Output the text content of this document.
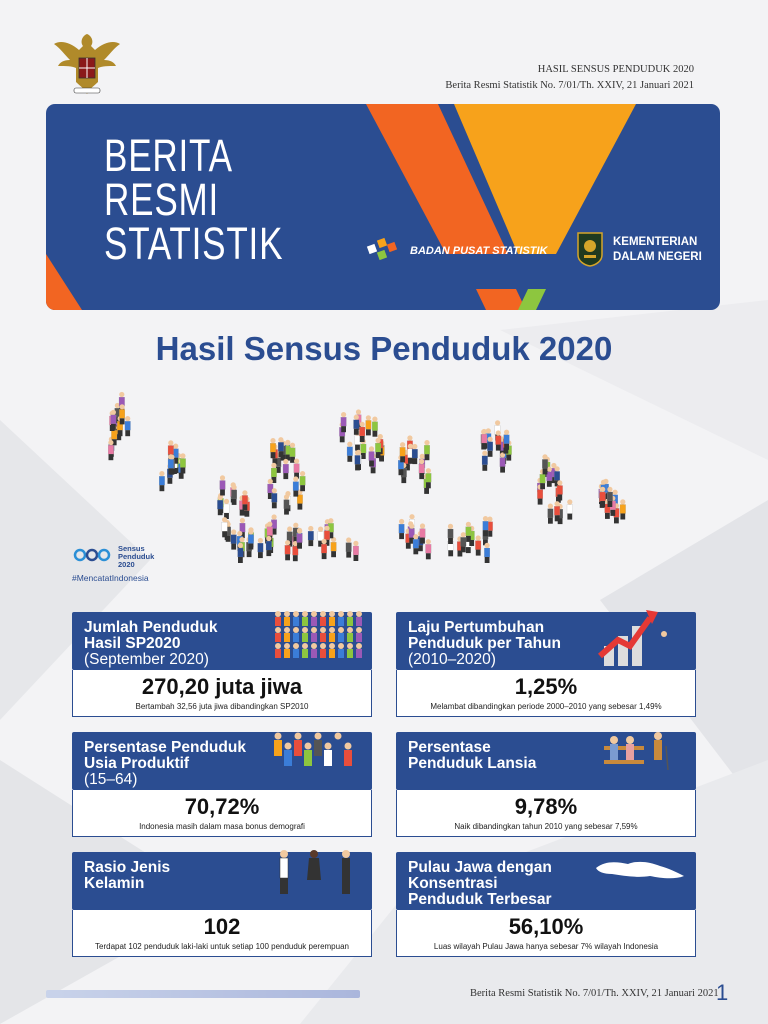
HASIL SENSUS PENDUDUK 2020
Berita Resmi Statistik No. 7/01/Th. XXIV, 21 Januari 2021
BERITA
RESMI
STATISTIK	BADAN PUSAT STATISTIK
KEMENTERIAN
DALAM NEGERI
Hasil Sensus Penduduk 2020
Sensus
Penduduk
2020
#MencatatIndonesia
Jumlah Penduduk
Hasil SP2020
(September 2020)
270,20 juta jiwa
Bertambah 32,56 juta jiwa dibandingkan SP2010
Laju Pertumbuhan
Penduduk per Tahun
(2010–2020)
1,25%
Melambat dibandingkan periode 2000–2010 yang sebesar 1,49%
Persentase Penduduk
Usia Produktif
(15–64)
70,72%
Indonesia masih dalam masa bonus demografi
Persentase
Penduduk Lansia
9,78%
Naik dibandingkan tahun 2010 yang sebesar 7,59%
Rasio Jenis
Kelamin
102
Terdapat 102 penduduk laki-laki untuk setiap 100 penduduk perempuan
Pulau Jawa dengan
Konsentrasi
Penduduk Terbesar
56,10%
Luas wilayah Pulau Jawa hanya sebesar 7% wilayah Indonesia
Berita Resmi Statistik No. 7/01/Th. XXIV, 21 Januari 2021
1
